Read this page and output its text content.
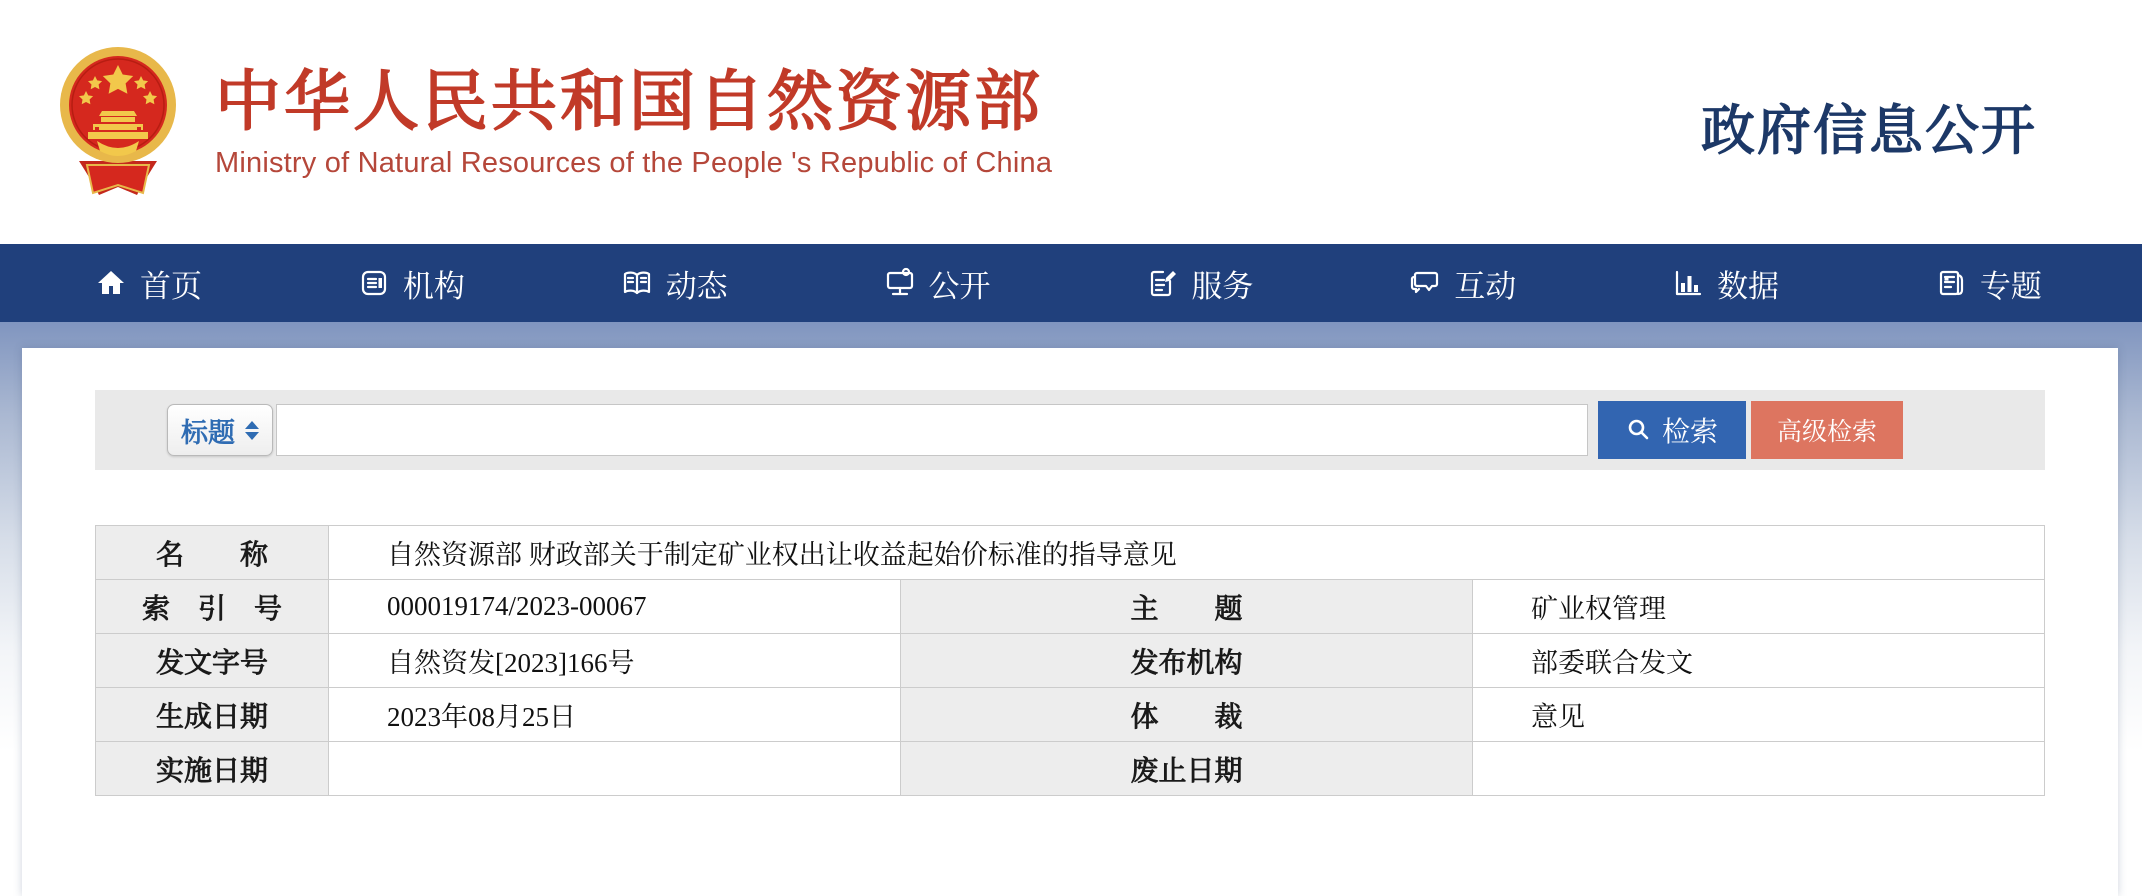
中华人民共和国自然资源部
Ministry of Natural Resources of the People 's Republic of China
政府信息公开
首页	机构	动态	公开	服务	互动	数据	专题
标题	检索 高级检索
名　　称	自然资源部 财政部关于制定矿业权出让收益起始价标准的指导意见		
索　引　号	000019174/2023-00067	主　　题	矿业权管理
发文字号	自然资发[2023]166号	发布机构	部委联合发文
生成日期	2023年08月25日	体　　裁	意见
实施日期		废止日期	
